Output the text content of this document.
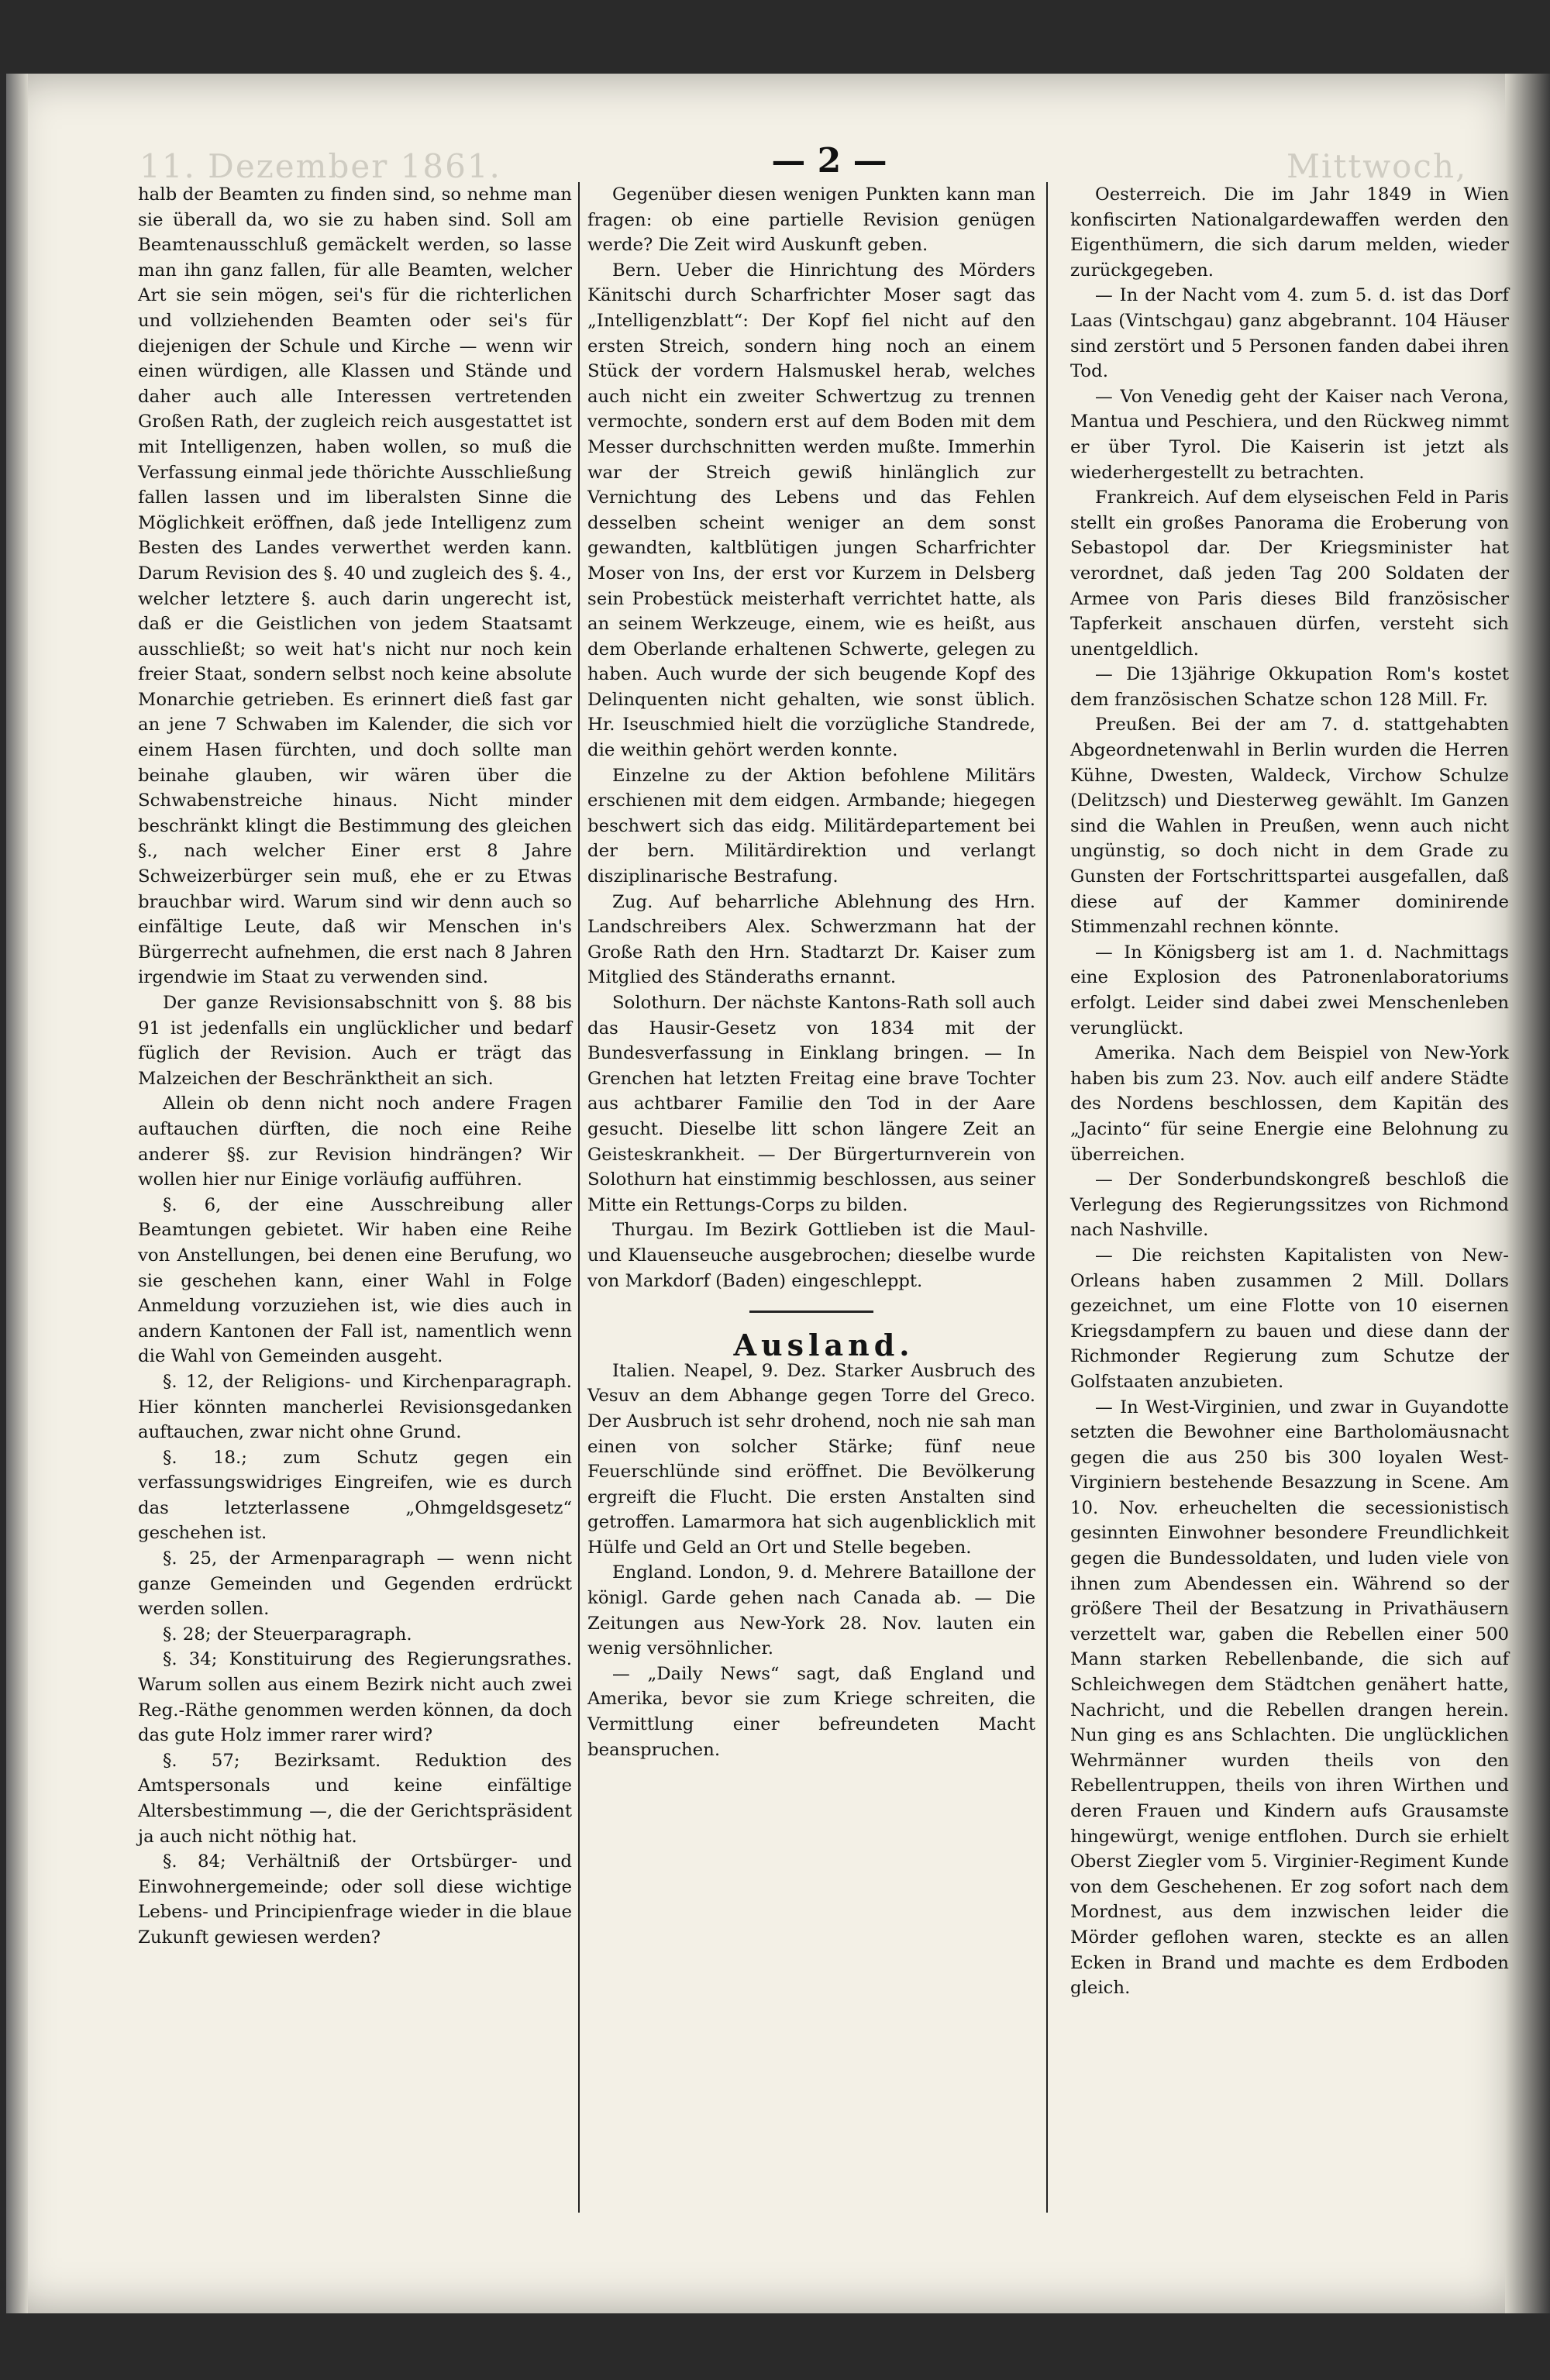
11. Dezember 1861.	Mittwoch,
— 2 —

halb der Beamten zu finden sind, so nehme man sie überall da, wo sie zu haben sind. Soll am Beamtenausschluß gemäckelt werden, so lasse man ihn ganz fallen, für alle Beamten, welcher Art sie sein mögen, sei's für die richterlichen und vollziehenden Beamten oder sei's für diejenigen der Schule und Kirche — wenn wir einen würdigen, alle Klassen und Stände und daher auch alle Interessen vertretenden Großen Rath, der zugleich reich ausgestattet ist mit Intelligenzen, haben wollen, so muß die Verfassung einmal jede thörichte Ausschließung fallen lassen und im liberalsten Sinne die Möglichkeit eröffnen, daß jede Intelligenz zum Besten des Landes verwerthet werden kann. Darum Revision des §. 40 und zugleich des §. 4., welcher letztere §. auch darin ungerecht ist, daß er die Geistlichen von jedem Staatsamt ausschließt; so weit hat's nicht nur noch kein freier Staat, sondern selbst noch keine absolute Monarchie getrieben. Es erinnert dieß fast gar an jene 7 Schwaben im Kalender, die sich vor einem Hasen fürchten, und doch sollte man beinahe glauben, wir wären über die Schwabenstreiche hinaus. Nicht minder beschränkt klingt die Bestimmung des gleichen §., nach welcher Einer erst 8 Jahre Schweizerbürger sein muß, ehe er zu Etwas brauchbar wird. Warum sind wir denn auch so einfältige Leute, daß wir Menschen in's Bürgerrecht aufnehmen, die erst nach 8 Jahren irgendwie im Staat zu verwenden sind.

Der ganze Revisionsabschnitt von §. 88 bis 91 ist jedenfalls ein unglücklicher und bedarf füglich der Revision. Auch er trägt das Malzeichen der Beschränktheit an sich.

Allein ob denn nicht noch andere Fragen auftauchen dürften, die noch eine Reihe anderer §§. zur Revision hindrängen? Wir wollen hier nur Einige vorläufig aufführen.

§. 6, der eine Ausschreibung aller Beamtungen gebietet. Wir haben eine Reihe von Anstellungen, bei denen eine Berufung, wo sie geschehen kann, einer Wahl in Folge Anmeldung vorzuziehen ist, wie dies auch in andern Kantonen der Fall ist, namentlich wenn die Wahl von Gemeinden ausgeht.

§. 12, der Religions- und Kirchenparagraph. Hier könnten mancherlei Revisionsgedanken auftauchen, zwar nicht ohne Grund.

§. 18.; zum Schutz gegen ein verfassungswidriges Eingreifen, wie es durch das letzterlassene „Ohmgeldsgesetz“ geschehen ist.

§. 25, der Armenparagraph — wenn nicht ganze Gemeinden und Gegenden erdrückt werden sollen.

§. 28; der Steuerparagraph.

§. 34; Konstituirung des Regierungsrathes. Warum sollen aus einem Bezirk nicht auch zwei Reg.-Räthe genommen werden können, da doch das gute Holz immer rarer wird?

§. 57; Bezirksamt. Reduktion des Amtspersonals und keine einfältige Altersbestimmung —, die der Gerichtspräsident ja auch nicht nöthig hat.

§. 84; Verhältniß der Ortsbürger- und Einwohnergemeinde; oder soll diese wichtige Lebens- und Principienfrage wieder in die blaue Zukunft gewiesen werden?

Gegenüber diesen wenigen Punkten kann man fragen: ob eine partielle Revision genügen werde? Die Zeit wird Auskunft geben.

Bern. Ueber die Hinrichtung des Mörders Känitschi durch Scharfrichter Moser sagt das „Intelligenzblatt“: Der Kopf fiel nicht auf den ersten Streich, sondern hing noch an einem Stück der vordern Halsmuskel herab, welches auch nicht ein zweiter Schwertzug zu trennen vermochte, sondern erst auf dem Boden mit dem Messer durchschnitten werden mußte. Immerhin war der Streich gewiß hinlänglich zur Vernichtung des Lebens und das Fehlen desselben scheint weniger an dem sonst gewandten, kaltblütigen jungen Scharfrichter Moser von Ins, der erst vor Kurzem in Delsberg sein Probestück meisterhaft verrichtet hatte, als an seinem Werkzeuge, einem, wie es heißt, aus dem Oberlande erhaltenen Schwerte, gelegen zu haben. Auch wurde der sich beugende Kopf des Delinquenten nicht gehalten, wie sonst üblich. Hr. Iseuschmied hielt die vorzügliche Standrede, die weithin gehört werden konnte.

Einzelne zu der Aktion befohlene Militärs erschienen mit dem eidgen. Armbande; hiegegen beschwert sich das eidg. Militärdepartement bei der bern. Militärdirektion und verlangt disziplinarische Bestrafung.

Zug. Auf beharrliche Ablehnung des Hrn. Landschreibers Alex. Schwerzmann hat der Große Rath den Hrn. Stadtarzt Dr. Kaiser zum Mitglied des Ständeraths ernannt.

Solothurn. Der nächste Kantons-Rath soll auch das Hausir-Gesetz von 1834 mit der Bundesverfassung in Einklang bringen. — In Grenchen hat letzten Freitag eine brave Tochter aus achtbarer Familie den Tod in der Aare gesucht. Dieselbe litt schon längere Zeit an Geisteskrankheit. — Der Bürgerturnverein von Solothurn hat einstimmig beschlossen, aus seiner Mitte ein Rettungs-Corps zu bilden.

Thurgau. Im Bezirk Gottlieben ist die Maul- und Klauenseuche ausgebrochen; dieselbe wurde von Markdorf (Baden) eingeschleppt.

Ausland.

Italien. Neapel, 9. Dez. Starker Ausbruch des Vesuv an dem Abhange gegen Torre del Greco. Der Ausbruch ist sehr drohend, noch nie sah man einen von solcher Stärke; fünf neue Feuerschlünde sind eröffnet. Die Bevölkerung ergreift die Flucht. Die ersten Anstalten sind getroffen. Lamarmora hat sich augenblicklich mit Hülfe und Geld an Ort und Stelle begeben.

England. London, 9. d. Mehrere Bataillone der königl. Garde gehen nach Canada ab. — Die Zeitungen aus New-York 28. Nov. lauten ein wenig versöhnlicher.

— „Daily News“ sagt, daß England und Amerika, bevor sie zum Kriege schreiten, die Vermittlung einer befreundeten Macht beanspruchen.

Oesterreich. Die im Jahr 1849 in Wien konfiscirten Nationalgardewaffen werden den Eigenthümern, die sich darum melden, wieder zurückgegeben.

— In der Nacht vom 4. zum 5. d. ist das Dorf Laas (Vintschgau) ganz abgebrannt. 104 Häuser sind zerstört und 5 Personen fanden dabei ihren Tod.

— Von Venedig geht der Kaiser nach Verona, Mantua und Peschiera, und den Rückweg nimmt er über Tyrol. Die Kaiserin ist jetzt als wiederhergestellt zu betrachten.

Frankreich. Auf dem elyseischen Feld in Paris stellt ein großes Panorama die Eroberung von Sebastopol dar. Der Kriegsminister hat verordnet, daß jeden Tag 200 Soldaten der Armee von Paris dieses Bild französischer Tapferkeit anschauen dürfen, versteht sich unentgeldlich.

— Die 13jährige Okkupation Rom's kostet dem französischen Schatze schon 128 Mill. Fr.

Preußen. Bei der am 7. d. stattgehabten Abgeordnetenwahl in Berlin wurden die Herren Kühne, Dwesten, Waldeck, Virchow Schulze (Delitzsch) und Diesterweg gewählt. Im Ganzen sind die Wahlen in Preußen, wenn auch nicht ungünstig, so doch nicht in dem Grade zu Gunsten der Fortschrittspartei ausgefallen, daß diese auf der Kammer dominirende Stimmenzahl rechnen könnte.

— In Königsberg ist am 1. d. Nachmittags eine Explosion des Patronenlaboratoriums erfolgt. Leider sind dabei zwei Menschenleben verunglückt.

Amerika. Nach dem Beispiel von New-York haben bis zum 23. Nov. auch eilf andere Städte des Nordens beschlossen, dem Kapitän des „Jacinto“ für seine Energie eine Belohnung zu überreichen.

— Der Sonderbundskongreß beschloß die Verlegung des Regierungssitzes von Richmond nach Nashville.

— Die reichsten Kapitalisten von New-Orleans haben zusammen 2 Mill. Dollars gezeichnet, um eine Flotte von 10 eisernen Kriegsdampfern zu bauen und diese dann der Richmonder Regierung zum Schutze der Golfstaaten anzubieten.

— In West-Virginien, und zwar in Guyandotte setzten die Bewohner eine Bartholomäusnacht gegen die aus 250 bis 300 loyalen West-Virginiern bestehende Besazzung in Scene. Am 10. Nov. erheuchelten die secessionistisch gesinnten Einwohner besondere Freundlichkeit gegen die Bundessoldaten, und luden viele von ihnen zum Abendessen ein. Während so der größere Theil der Besatzung in Privathäusern verzettelt war, gaben die Rebellen einer 500 Mann starken Rebellenbande, die sich auf Schleichwegen dem Städtchen genähert hatte, Nachricht, und die Rebellen drangen herein. Nun ging es ans Schlachten. Die unglücklichen Wehrmänner wurden theils von den Rebellentruppen, theils von ihren Wirthen und deren Frauen und Kindern aufs Grausamste hingewürgt, wenige entflohen. Durch sie erhielt Oberst Ziegler vom 5. Virginier-Regiment Kunde von dem Geschehenen. Er zog sofort nach dem Mordnest, aus dem inzwischen leider die Mörder geflohen waren, steckte es an allen Ecken in Brand und machte es dem Erdboden gleich.
